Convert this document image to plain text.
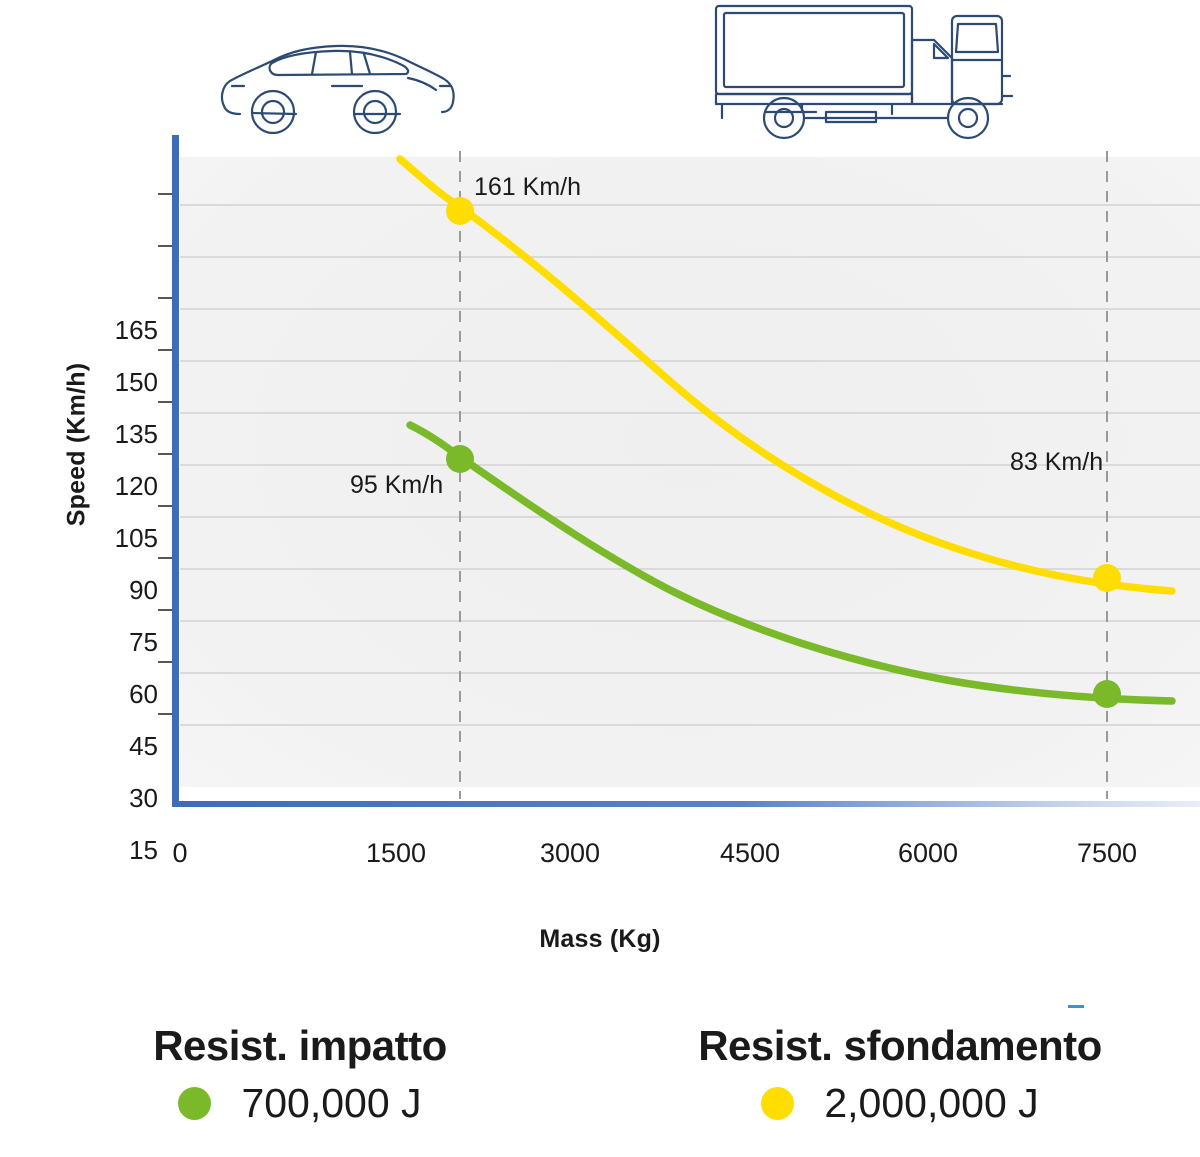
165
150
135
120
105
90
75
60
45
30
15
161 Km/h
95 Km/h
83 Km/h
0	1500	3000	4500	6000	7500
Speed (Km/h)
Mass (Kg)
Resist. impatto
700,000 J
Resist. sfondamento
2,000,000 J
